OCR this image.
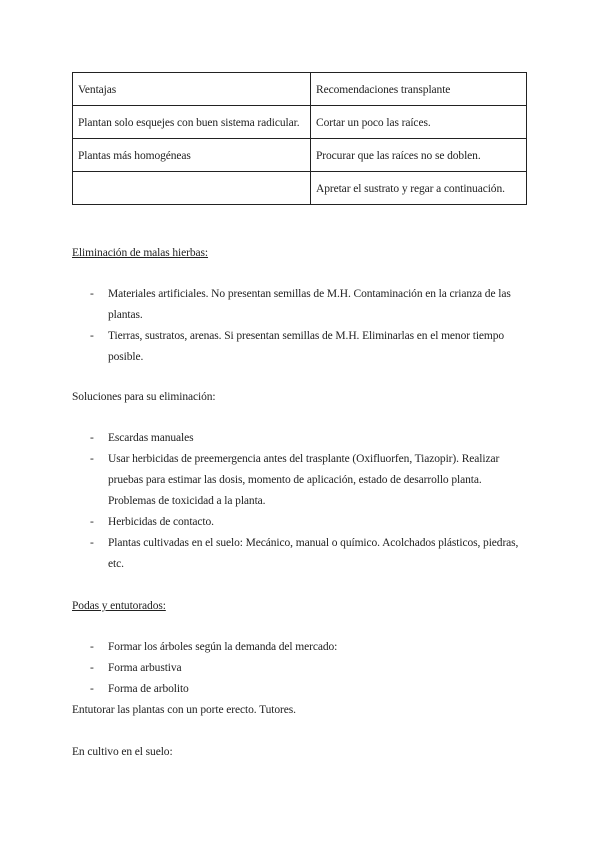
Ventajas	Recomendaciones transplante
Plantan solo esquejes con buen sistema radicular.	Cortar un poco las raíces.
Plantas más homogéneas	Procurar que las raíces no se doblen.
	Apretar el sustrato y regar a continuación.
Eliminación de malas hierbas:
- Materiales artificiales. No presentan semillas de M.H. Contaminación en la crianza de las plantas.
- Tierras, sustratos, arenas. Si presentan semillas de M.H. Eliminarlas en el menor tiempo posible.
Soluciones para su eliminación:
- Escardas manuales
- Usar herbicidas de preemergencia antes del trasplante (Oxifluorfen, Tiazopir). Realizar pruebas para estimar las dosis, momento de aplicación, estado de desarrollo planta. Problemas de toxicidad a la planta.
- Herbicidas de contacto.
- Plantas cultivadas en el suelo: Mecánico, manual o químico. Acolchados plásticos, piedras, etc.
Podas y entutorados:
- Formar los árboles según la demanda del mercado:
- Forma arbustiva
- Forma de arbolito
Entutorar las plantas con un porte erecto. Tutores.
En cultivo en el suelo:
